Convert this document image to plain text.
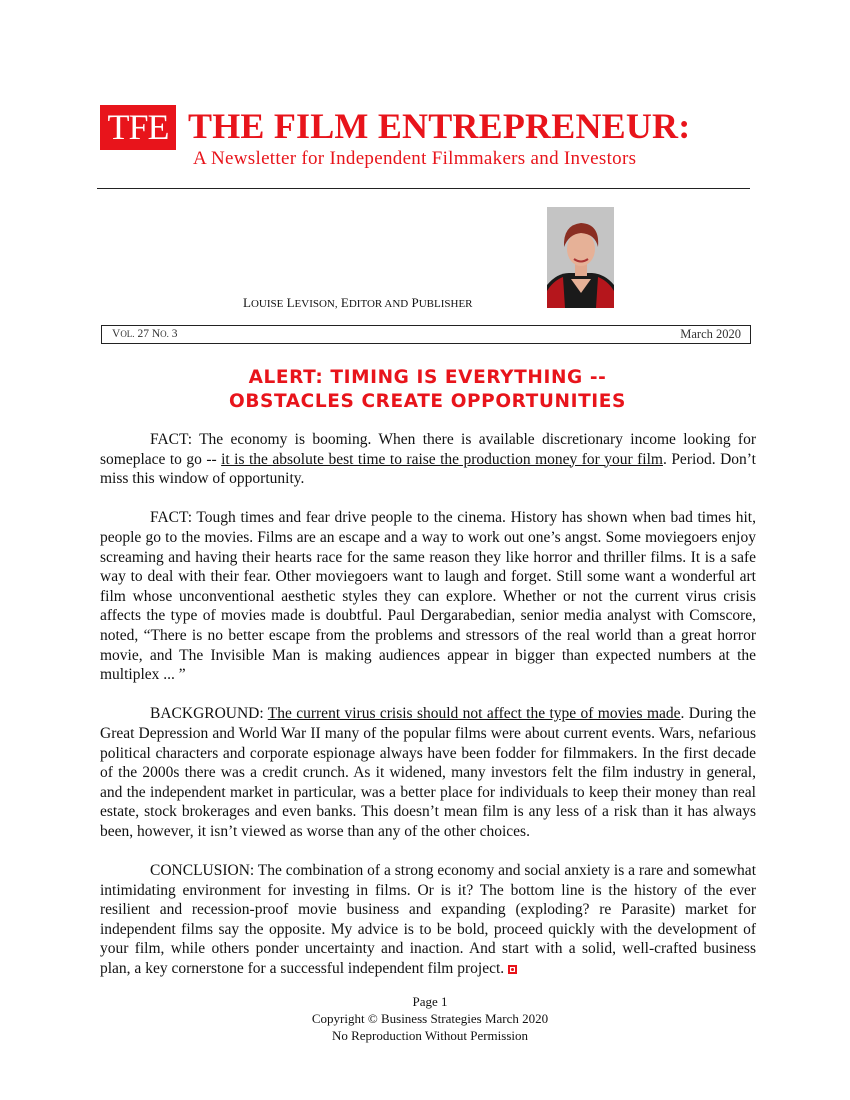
TFE THE FILM ENTREPRENEUR:
A Newsletter for Independent Filmmakers and Investors
LOUISE LEVISON, EDITOR AND PUBLISHER
VOL. 27 NO. 3	March 2020
ALERT: TIMING IS EVERYTHING --
OBSTACLES CREATE OPPORTUNITIES

FACT: The economy is booming. When there is available discretionary income looking for someplace to go -- it is the absolute best time to raise the production money for your film. Period. Don’t miss this window of opportunity.

FACT: Tough times and fear drive people to the cinema. History has shown when bad times hit, people go to the movies. Films are an escape and a way to work out one’s angst. Some moviegoers enjoy screaming and having their hearts race for the same reason they like horror and thriller films. It is a safe way to deal with their fear. Other moviegoers want to laugh and forget. Still some want a wonderful art film whose unconventional aesthetic styles they can explore. Whether or not the current virus crisis affects the type of movies made is doubtful. Paul Dergarabedian, senior media analyst with Comscore, noted, “There is no better escape from the problems and stressors of the real world than a great horror movie, and The Invisible Man is making audiences appear in bigger than expected numbers at the multiplex ... ”

BACKGROUND: The current virus crisis should not affect the type of movies made. During the Great Depression and World War II many of the popular films were about current events. Wars, nefarious political characters and corporate espionage always have been fodder for filmmakers. In the first decade of the 2000s there was a credit crunch. As it widened, many investors felt the film industry in general, and the independent market in particular, was a better place for individuals to keep their money than real estate, stock brokerages and even banks. This doesn’t mean film is any less of a risk than it has always been, however, it isn’t viewed as worse than any of the other choices.

CONCLUSION: The combination of a strong economy and social anxiety is a rare and somewhat intimidating environment for investing in films. Or is it? The bottom line is the history of the ever resilient and recession-proof movie business and expanding (exploding? re Parasite) market for independent films say the opposite. My advice is to be bold, proceed quickly with the development of your film, while others ponder uncertainty and inaction. And start with a solid, well-crafted business plan, a key cornerstone for a successful independent film project.

Page 1
Copyright © Business Strategies March 2020
No Reproduction Without Permission
